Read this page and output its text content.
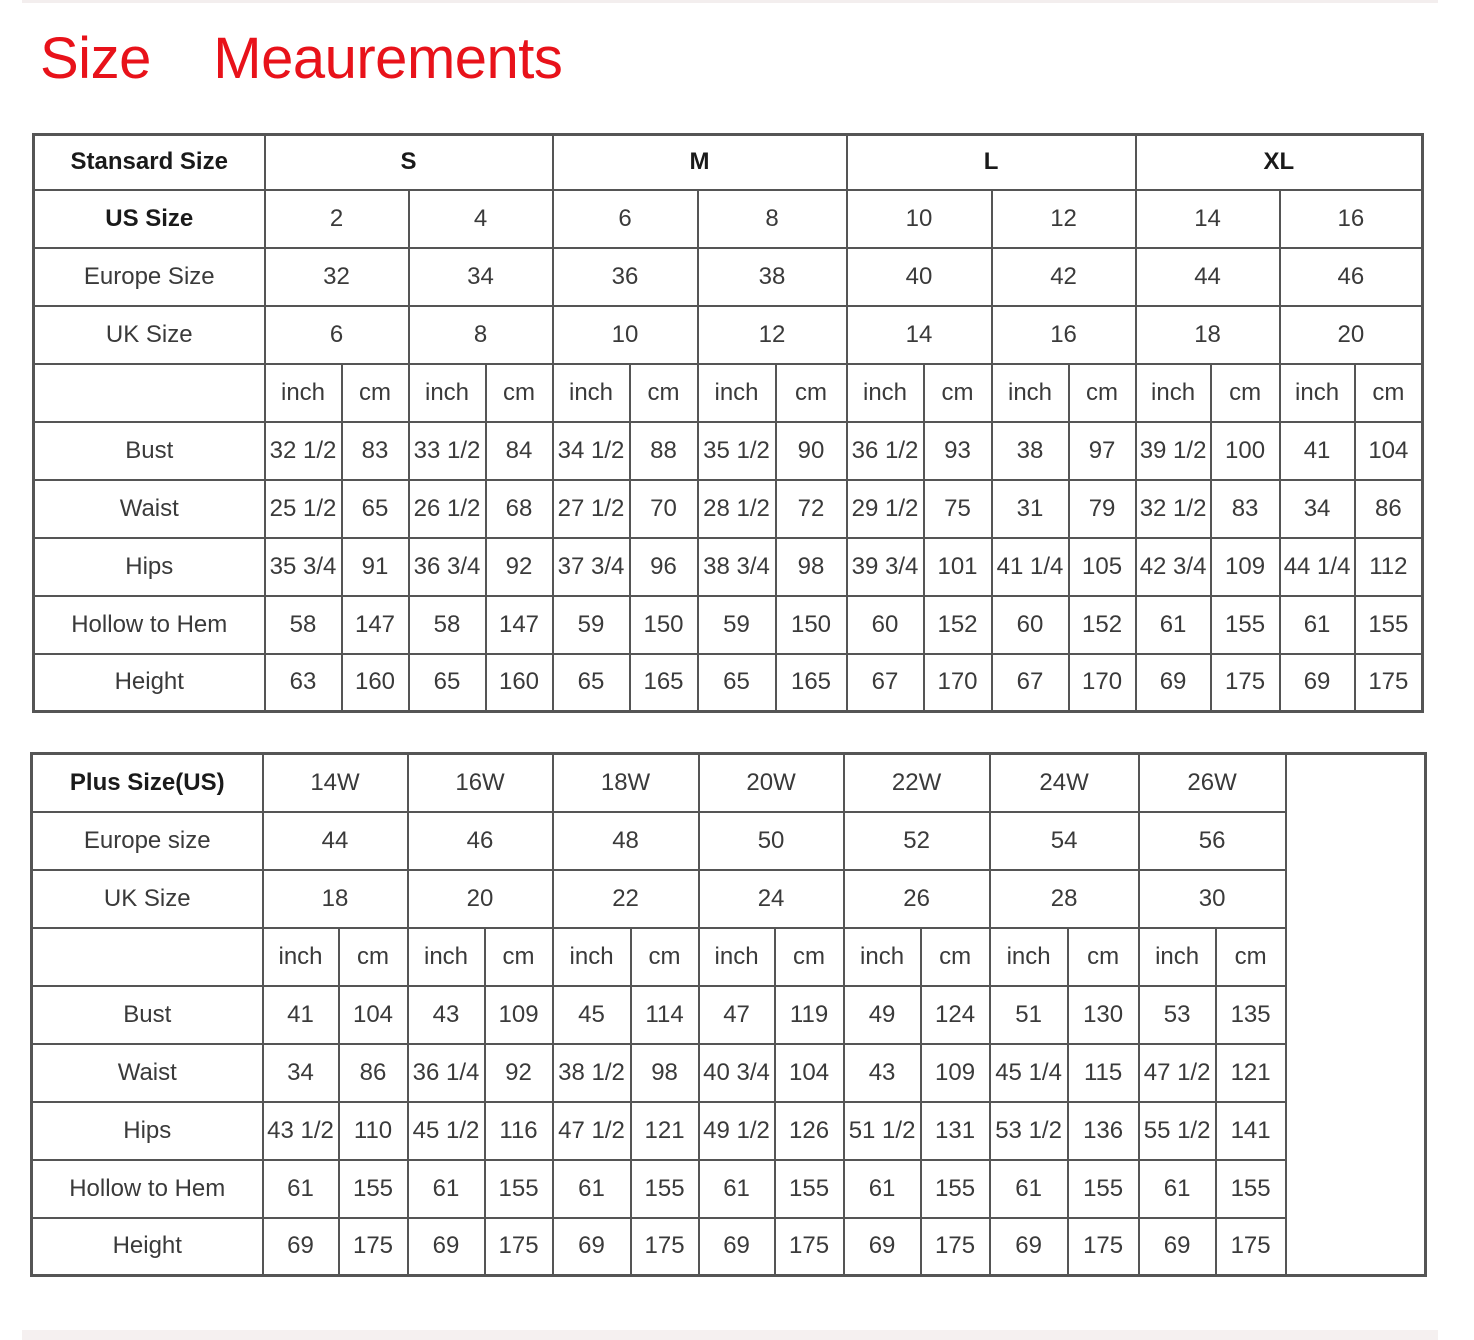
Size    Meaurements
Stansard Size	S				M				L				XL			
US Size	2		4		6		8		10		12		14		16	
Europe Size	32		34		36		38		40		42		44		46	
UK Size	6		8		10		12		14		16		18		20	
	inch	cm	inch	cm	inch	cm	inch	cm	inch	cm	inch	cm	inch	cm	inch	cm
Bust	32 1/2	83	33 1/2	84	34 1/2	88	35 1/2	90	36 1/2	93	38	97	39 1/2	100	41	104
Waist	25 1/2	65	26 1/2	68	27 1/2	70	28 1/2	72	29 1/2	75	31	79	32 1/2	83	34	86
Hips	35 3/4	91	36 3/4	92	37 3/4	96	38 3/4	98	39 3/4	101	41 1/4	105	42 3/4	109	44 1/4	112
Hollow to Hem	58	147	58	147	59	150	59	150	60	152	60	152	61	155	61	155
Height	63	160	65	160	65	165	65	165	67	170	67	170	69	175	69	175
Plus Size(US)	14W		16W		18W		20W		22W		24W		26W		
Europe size	44		46		48		50		52		54		56		
UK Size	18		20		22		24		26		28		30		
	inch	cm	inch	cm	inch	cm	inch	cm	inch	cm	inch	cm	inch	cm	
Bust	41	104	43	109	45	114	47	119	49	124	51	130	53	135	
Waist	34	86	36 1/4	92	38 1/2	98	40 3/4	104	43	109	45 1/4	115	47 1/2	121	
Hips	43 1/2	110	45 1/2	116	47 1/2	121	49 1/2	126	51 1/2	131	53 1/2	136	55 1/2	141	
Hollow to Hem	61	155	61	155	61	155	61	155	61	155	61	155	61	155	
Height	69	175	69	175	69	175	69	175	69	175	69	175	69	175	
